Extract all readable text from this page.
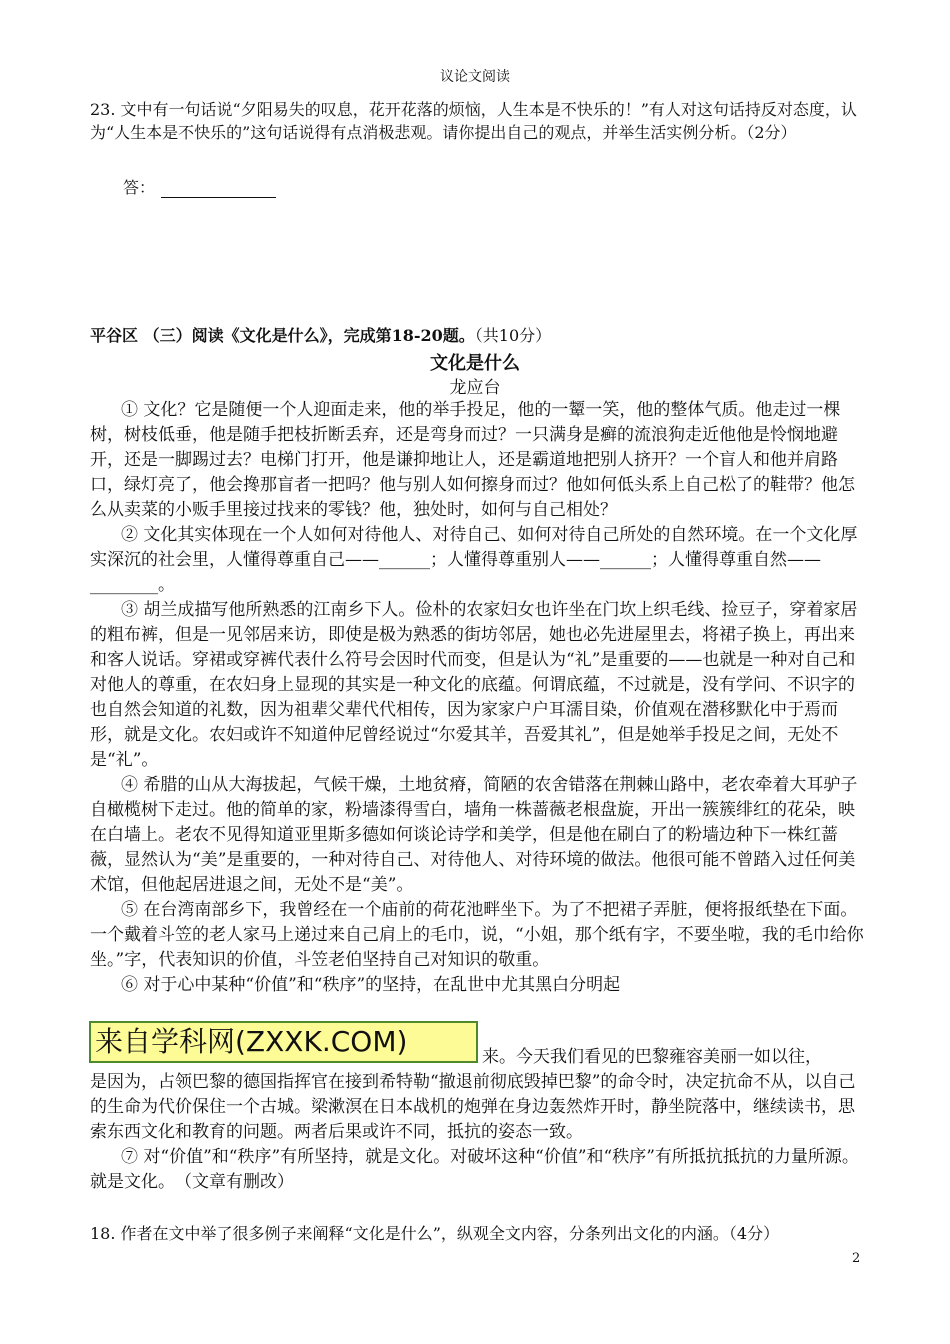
议论文阅读
23. 文中有一句话说“夕阳易失的叹息，花开花落的烦恼，人生本是不快乐的！”有人对这句话持反对态度，认为“人生本是不快乐的”这句话说得有点消极悲观。请你提出自己的观点，并举生活实例分析。（2分）
答：
平谷区 （三）阅读《文化是什么》，完成第18-20题。（共10分）
文化是什么
龙应台

① 文化？它是随便一个人迎面走来，他的举手投足，他的一颦一笑，他的整体气质。他走过一棵树，树枝低垂，他是随手把枝折断丢弃，还是弯身而过？一只满身是癣的流浪狗走近他他是怜悯地避开，还是一脚踢过去？电梯门打开，他是谦抑地让人，还是霸道地把别人挤开？一个盲人和他并肩路口，绿灯亮了，他会搀那盲者一把吗？他与别人如何擦身而过？他如何低头系上自己松了的鞋带？他怎么从卖菜的小贩手里接过找来的零钱？他，独处时，如何与自己相处？

② 文化其实体现在一个人如何对待他人、对待自己、如何对待自己所处的自然环境。在一个文化厚实深沉的社会里，人懂得尊重自己——______；人懂得尊重别人——______；人懂得尊重自然——________。

③ 胡兰成描写他所熟悉的江南乡下人。俭朴的农家妇女也许坐在门坎上织毛线、捡豆子，穿着家居的粗布裤，但是一见邻居来访，即使是极为熟悉的街坊邻居，她也必先进屋里去，将裙子换上，再出来和客人说话。穿裙或穿裤代表什么符号会因时代而变，但是认为“礼”是重要的——也就是一种对自己和对他人的尊重，在农妇身上显现的其实是一种文化的底蕴。何谓底蕴，不过就是，没有学问、不识字的也自然会知道的礼数，因为祖辈父辈代代相传，因为家家户户耳濡目染，价值观在潜移默化中于焉而形，就是文化。农妇或许不知道仲尼曾经说过“尔爱其羊，吾爱其礼”，但是她举手投足之间，无处不是“礼”。

④ 希腊的山从大海拔起，气候干燥，土地贫瘠，简陋的农舍错落在荆棘山路中，老农牵着大耳驴子自橄榄树下走过。他的简单的家，粉墙漆得雪白，墙角一株蔷薇老根盘旋，开出一簇簇绯红的花朵，映在白墙上。老农不见得知道亚里斯多德如何谈论诗学和美学，但是他在刷白了的粉墙边种下一株红蔷薇，显然认为“美”是重要的，一种对待自己、对待他人、对待环境的做法。他很可能不曾踏入过任何美术馆，但他起居进退之间，无处不是“美”。

⑤ 在台湾南部乡下，我曾经在一个庙前的荷花池畔坐下。为了不把裙子弄脏，便将报纸垫在下面。一个戴着斗笠的老人家马上递过来自己肩上的毛巾，说，“小姐，那个纸有字，不要坐啦，我的毛巾给你坐。”字，代表知识的价值，斗笠老伯坚持自己对知识的敬重。

⑥ 对于心中某种“价值”和“秩序”的坚持，在乱世中尤其黑白分明起

来自学科网(ZXXK.COM)	来。今天我们看见的巴黎雍容美丽一如以往，
是因为，占领巴黎的德国指挥官在接到希特勒“撤退前彻底毁掉巴黎”的命令时，决定抗命不从，以自己的生命为代价保住一个古城。梁漱溟在日本战机的炮弹在身边轰然炸开时，静坐院落中，继续读书，思索东西文化和教育的问题。两者后果或许不同，抵抗的姿态一致。

⑦ 对“价值”和“秩序”有所坚持，就是文化。对破坏这种“价值”和“秩序”有所抵抗抵抗的力量所源。就是文化。　（文章有删改）

18. 作者在文中举了很多例子来阐释“文化是什么”，纵观全文内容，分条列出文化的内涵。（4分）
2
